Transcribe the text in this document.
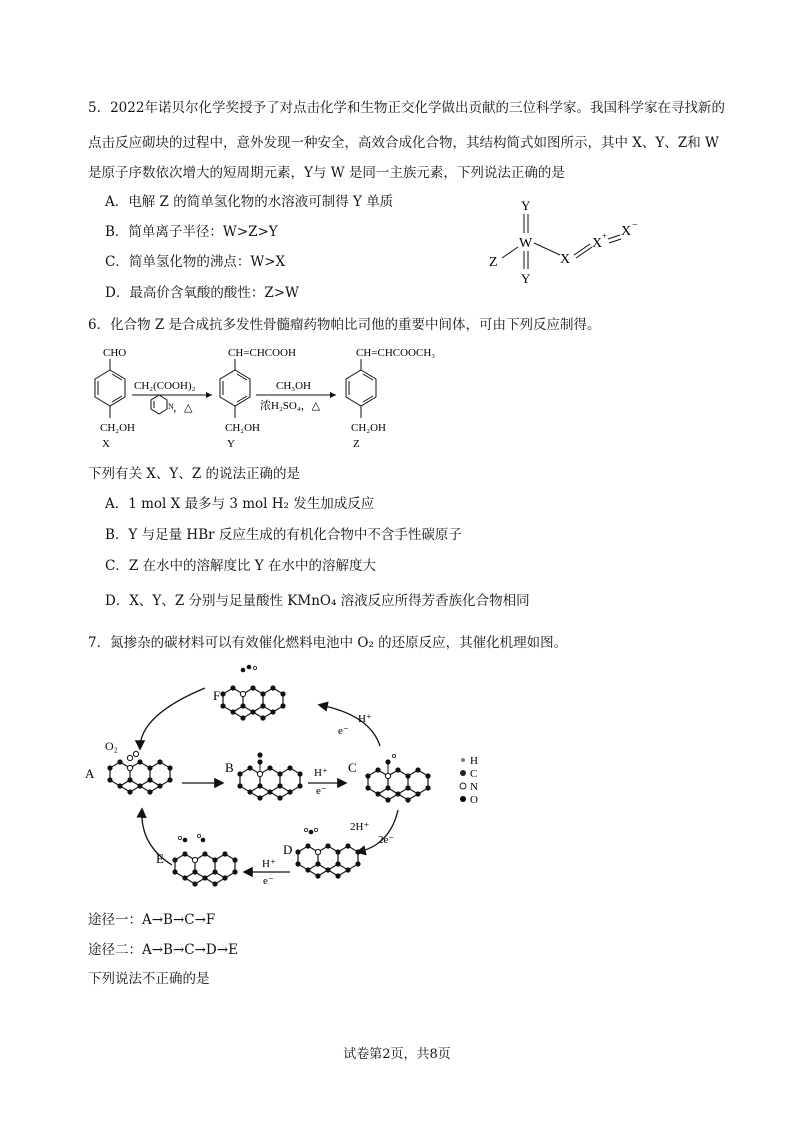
5．2022年诺贝尔化学奖授予了对点击化学和生物正交化学做出贡献的三位科学家。我国科学家在寻找新的
点击反应砌块的过程中，意外发现一种安全，高效合成化合物，其结构简式如图所示，其中 X、Y、Z和 W
是原子序数依次增大的短周期元素，Y与 W 是同一主族元素，下列说法正确的是
A．电解 Z 的简单氢化物的水溶液可制得 Y 单质
B．简单离子半径：W>Z>Y
C．简单氢化物的沸点：W>X
D．最高价含氧酸的酸性：Z>W
Y
W
Y
Z	X
X + X −
6．化合物 Z 是合成抗多发性骨髓瘤药物帕比司他的重要中间体，可由下列反应制得。
CHO
CH₂OH
X
CH₂(COOH)₂
N ，△
CH=CHCOOH
CH₂OH
Y
CH₃OH
浓H₂SO₄，△
CH=CHCOOCH₃
CH₂OH
Z
下列有关 X、Y、Z 的说法正确的是
A．1 mol X 最多与 3 mol H₂ 发生加成反应
B．Y 与足量 HBr 反应生成的有机化合物中不含手性碳原子
C．Z 在水中的溶解度比 Y 在水中的溶解度大
D．X、Y、Z 分别与足量酸性 KMnO₄ 溶液反应所得芳香族化合物相同
7．氮掺杂的碳材料可以有效催化燃料电池中 O₂ 的还原反应，其催化机理如图。
F
A
O₂
B	C
D
E
H⁺
e⁻
H⁺
e⁻
2H⁺
2e⁻
H⁺
e⁻
H
C
N
O
途径一：A→B→C→F
途径二：A→B→C→D→E
下列说法不正确的是
试卷第2页，共8页
